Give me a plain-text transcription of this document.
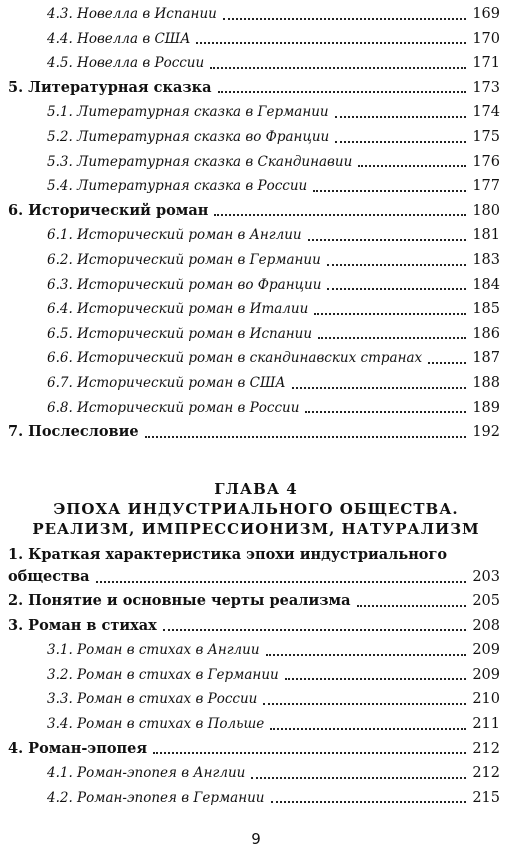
4.3. Новелла в Испании	169
4.4. Новелла в США	170
4.5. Новелла в России	171
5. Литературная сказка	173
5.1. Литературная сказка в Германии	174
5.2. Литературная сказка во Франции	175
5.3. Литературная сказка в Скандинавии	176
5.4. Литературная сказка в России	177
6. Исторический роман	180
6.1. Исторический роман в Англии	181
6.2. Исторический роман в Германии	183
6.3. Исторический роман во Франции	184
6.4. Исторический роман в Италии	185
6.5. Исторический роман в Испании	186
6.6. Исторический роман в скандинавских странах	187
6.7. Исторический роман в США	188
6.8. Исторический роман в России	189
7. Послесловие	192
ГЛАВА 4
ЭПОХА ИНДУСТРИАЛЬНОГО ОБЩЕСТВА.
РЕАЛИЗМ, ИМПРЕССИОНИЗМ, НАТУРАЛИЗМ
1. Краткая характеристика эпохи индустриального
общества	203
2. Понятие и основные черты реализма	205
3. Роман в стихах	208
3.1. Роман в стихах в Англии	209
3.2. Роман в стихах в Германии	209
3.3. Роман в стихах в России	210
3.4. Роман в стихах в Польше	211
4. Роман-эпопея	212
4.1. Роман-эпопея в Англии	212
4.2. Роман-эпопея в Германии	215
9
